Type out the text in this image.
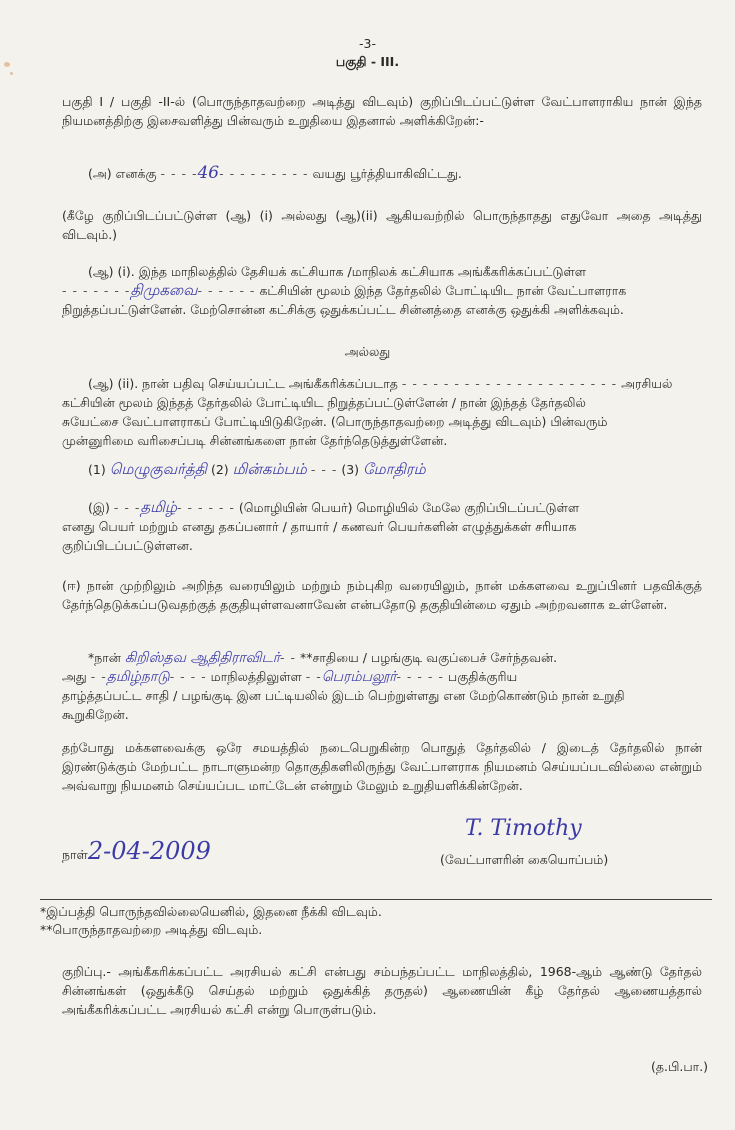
-3-
பகுதி - III.
பகுதி I / பகுதி -II-ல் (பொருந்தாதவற்றை அடித்து விடவும்) குறிப்பிடப்பட்டுள்ள வேட்பாளராகிய நான் இந்த நியமனத்திற்கு இசைவளித்து பின்வரும் உறுதியை இதனால் அளிக்கிறேன்:-
(அ) எனக்கு - - - -46- - - - - - - - - வயது பூர்த்தியாகிவிட்டது.
(கீழே குறிப்பிடப்பட்டுள்ள (ஆ) (i) அல்லது (ஆ)(ii) ஆகியவற்றில் பொருந்தாதது எதுவோ அதை அடித்து விடவும்.)
(ஆ) (i). இந்த மாநிலத்தில் தேசியக் கட்சியாக /மாநிலக் கட்சியாக அங்கீகரிக்கப்பட்டுள்ள
- - - - - - -திமுகவை- - - - - - கட்சியின் மூலம் இந்த தேர்தலில் போட்டியிட நான் வேட்பாளராக
நிறுத்தப்பட்டுள்ளேன். மேற்சொன்ன கட்சிக்கு ஒதுக்கப்பட்ட சின்னத்தை எனக்கு ஒதுக்கி அளிக்கவும்.
அல்லது
(ஆ) (ii). நான் பதிவு செய்யப்பட்ட அங்கீகரிக்கப்படாத - - - - - - - - - - - - - - - - - - - - - அரசியல்
கட்சியின் மூலம் இந்தத் தேர்தலில் போட்டியிட நிறுத்தப்பட்டுள்ளேன் / நான் இந்தத் தேர்தலில்
சுயேட்சை வேட்பாளராகப் போட்டியிடுகிறேன். (பொருந்தாதவற்றை அடித்து விடவும்) பின்வரும்
முன்னுரிமை வரிசைப்படி சின்னங்களை நான் தேர்ந்தெடுத்துள்ளேன்.
(1) மெழுகுவர்த்தி (2) மின்கம்பம் - - - (3) மோதிரம்
(இ) - - -தமிழ்- - - - - - (மொழியின் பெயர்) மொழியில் மேலே குறிப்பிடப்பட்டுள்ள
எனது பெயர் மற்றும் எனது தகப்பனார் / தாயார் / கணவர் பெயர்களின் எழுத்துக்கள் சரியாக
குறிப்பிடப்பட்டுள்ளன.
(ஈ) நான் முற்றிலும் அறிந்த வரையிலும் மற்றும் நம்புகிற வரையிலும், நான் மக்களவை உறுப்பினர் பதவிக்குத் தேர்ந்தெடுக்கப்படுவதற்குத் தகுதியுள்ளவனாவேன் என்பதோடு தகுதியின்மை ஏதும் அற்றவனாக உள்ளேன்.
*நான் கிறிஸ்தவ ஆதிதிராவிடர்- - **சாதியை / பழங்குடி வகுப்பைச் சேர்ந்தவன்.
அது - -தமிழ்நாடு- - - - மாநிலத்திலுள்ள - -பெரம்பலூர்- - - - - பகுதிக்குரிய
தாழ்த்தப்பட்ட சாதி / பழங்குடி இன பட்டியலில் இடம் பெற்றுள்ளது என மேற்கொண்டும் நான் உறுதி
கூறுகிறேன்.
தற்போது மக்களவைக்கு ஒரே சமயத்தில் நடைபெறுகின்ற பொதுத் தேர்தலில் / இடைத் தேர்தலில் நான் இரண்டுக்கும் மேற்பட்ட நாடாளுமன்ற தொகுதிகளிலிருந்து வேட்பாளராக நியமனம் செய்யப்படவில்லை என்றும் அவ்வாறு நியமனம் செய்யப்பட மாட்டேன் என்றும் மேலும் உறுதியளிக்கின்றேன்.
நாள்2-04-2009
T. Timothy
(வேட்பாளரின் கையொப்பம்)
*இப்பத்தி பொருந்தவில்லையெனில், இதனை நீக்கி விடவும்.
**பொருந்தாதவற்றை அடித்து விடவும்.
குறிப்பு.- அங்கீகரிக்கப்பட்ட அரசியல் கட்சி என்பது சம்பந்தப்பட்ட மாநிலத்தில், 1968-ஆம் ஆண்டு தேர்தல் சின்னங்கள் (ஒதுக்கீடு செய்தல் மற்றும் ஒதுக்கித் தருதல்) ஆணையின் கீழ் தேர்தல் ஆணையத்தால் அங்கீகரிக்கப்பட்ட அரசியல் கட்சி என்று பொருள்படும்.
(த.பி.பா.)
